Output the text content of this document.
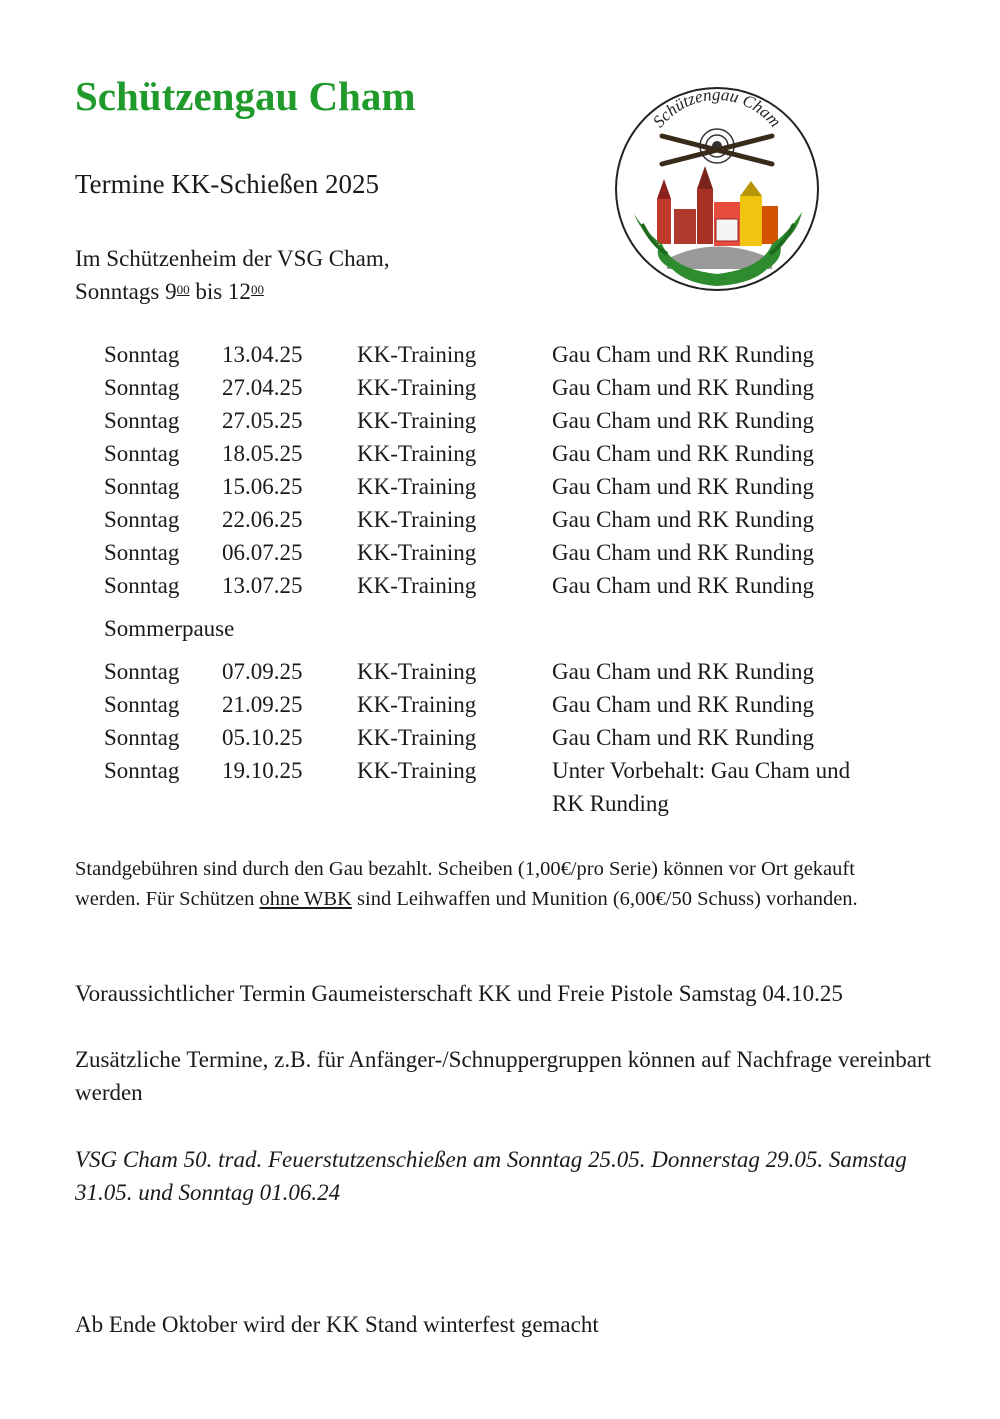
Schützengau Cham
Termine KK-Schießen 2025
Im Schützenheim der VSG Cham,
Sonntags $9^{00}$ bis $12^{00}$
Schützengau Cham
Sonntag 13.04.25 KK-Training	Gau Cham und RK Runding
Sonntag 27.04.25 KK-Training	Gau Cham und RK Runding
Sonntag 27.05.25 KK-Training	Gau Cham und RK Runding
Sonntag 18.05.25 KK-Training	Gau Cham und RK Runding
Sonntag 15.06.25 KK-Training	Gau Cham und RK Runding
Sonntag 22.06.25 KK-Training	Gau Cham und RK Runding
Sonntag 06.07.25 KK-Training	Gau Cham und RK Runding
Sonntag 13.07.25 KK-Training	Gau Cham und RK Runding
Sommerpause
Sonntag 07.09.25 KK-Training	Gau Cham und RK Runding
Sonntag 21.09.25 KK-Training	Gau Cham und RK Runding
Sonntag 05.10.25 KK-Training	Gau Cham und RK Runding
Sonntag 19.10.25 KK-Training	Unter Vorbehalt: Gau Cham und RK Runding
Standgebühren sind durch den Gau bezahlt. Scheiben (1,00€/pro Serie) können vor Ort gekauft werden. Für Schützen ohne WBK sind Leihwaffen und Munition (6,00€/50 Schuss) vorhanden.
Voraussichtlicher Termin Gaumeisterschaft KK und Freie Pistole Samstag 04.10.25
Zusätzliche Termine, z.B. für Anfänger-/Schnuppergruppen können auf Nachfrage vereinbart werden
VSG Cham 50. trad. Feuerstutzenschießen am Sonntag 25.05. Donnerstag 29.05. Samstag 31.05. und Sonntag 01.06.24
Ab Ende Oktober wird der KK Stand winterfest gemacht
